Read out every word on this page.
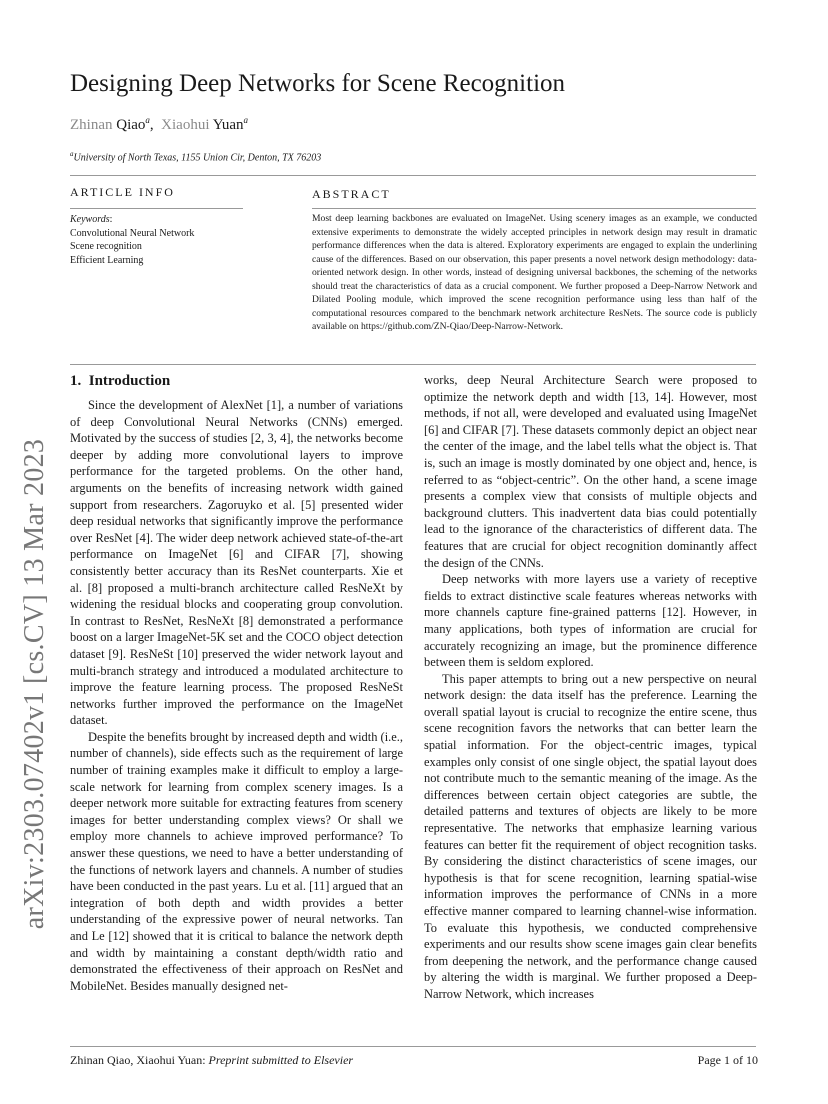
arXiv:2303.07402v1 [cs.CV] 13 Mar 2023
Designing Deep Networks for Scene Recognition
Zhinan Qiao$^a$, Xiaohui Yuan$^a$
$^a$University of North Texas, 1155 Union Cir, Denton, TX 76203
ARTICLE INFO	ABSTRACT
Keywords:
Convolutional Neural Network
Scene recognition
Efficient Learning
Most deep learning backbones are evaluated on ImageNet. Using scenery images as an example, we conducted extensive experiments to demonstrate the widely accepted principles in network design may result in dramatic performance differences when the data is altered. Exploratory experiments are engaged to explain the underlining cause of the differences. Based on our observation, this paper presents a novel network design methodology: data-oriented network design. In other words, instead of designing universal backbones, the scheming of the networks should treat the characteristics of data as a crucial component. We further proposed a Deep-Narrow Network and Dilated Pooling module, which improved the scene recognition performance using less than half of the computational resources compared to the benchmark network architecture ResNets. The source code is publicly available on https://github.com/ZN-Qiao/Deep-Narrow-Network.
1. Introduction

Since the development of AlexNet [1], a number of variations of deep Convolutional Neural Networks (CNNs) emerged. Motivated by the success of studies [2, 3, 4], the networks become deeper by adding more convolutional layers to improve performance for the targeted problems. On the other hand, arguments on the benefits of increasing network width gained support from researchers. Zagoruyko et al. [5] presented wider deep residual networks that significantly improve the performance over ResNet [4]. The wider deep network achieved state-of-the-art performance on ImageNet [6] and CIFAR [7], showing consistently better accuracy than its ResNet counterparts. Xie et al. [8] proposed a multi-branch architecture called ResNeXt by widening the residual blocks and cooperating group convolution. In contrast to ResNet, ResNeXt [8] demonstrated a performance boost on a larger ImageNet-5K set and the COCO object detection dataset [9]. ResNeSt [10] preserved the wider network layout and multi-branch strategy and introduced a modulated architecture to improve the feature learning process. The proposed ResNeSt networks further improved the performance on the ImageNet dataset.

Despite the benefits brought by increased depth and width (i.e., number of channels), side effects such as the requirement of large number of training examples make it difficult to employ a large-scale network for learning from complex scenery images. Is a deeper network more suitable for extracting features from scenery images for better understanding complex views? Or shall we employ more channels to achieve improved performance? To answer these questions, we need to have a better understanding of the functions of network layers and channels. A number of studies have been conducted in the past years. Lu et al. [11] argued that an integration of both depth and width provides a better understanding of the expressive power of neural networks. Tan and Le [12] showed that it is critical to balance the network depth and width by maintaining a constant depth/width ratio and demonstrated the effectiveness of their approach on ResNet and MobileNet. Besides manually designed net-

works, deep Neural Architecture Search were proposed to optimize the network depth and width [13, 14]. However, most methods, if not all, were developed and evaluated using ImageNet [6] and CIFAR [7]. These datasets commonly depict an object near the center of the image, and the label tells what the object is. That is, such an image is mostly dominated by one object and, hence, is referred to as “object-centric”. On the other hand, a scene image presents a complex view that consists of multiple objects and background clutters. This inadvertent data bias could potentially lead to the ignorance of the characteristics of different data. The features that are crucial for object recognition dominantly affect the design of the CNNs.

Deep networks with more layers use a variety of receptive fields to extract distinctive scale features whereas networks with more channels capture fine-grained patterns [12]. However, in many applications, both types of information are crucial for accurately recognizing an image, but the prominence difference between them is seldom explored.

This paper attempts to bring out a new perspective on neural network design: the data itself has the preference. Learning the overall spatial layout is crucial to recognize the entire scene, thus scene recognition favors the networks that can better learn the spatial information. For the object-centric images, typical examples only consist of one single object, the spatial layout does not contribute much to the semantic meaning of the image. As the differences between certain object categories are subtle, the detailed patterns and textures of objects are likely to be more representative. The networks that emphasize learning various features can better fit the requirement of object recognition tasks. By considering the distinct characteristics of scene images, our hypothesis is that for scene recognition, learning spatial-wise information improves the performance of CNNs in a more effective manner compared to learning channel-wise information. To evaluate this hypothesis, we conducted comprehensive experiments and our results show scene images gain clear benefits from deepening the network, and the performance change caused by altering the width is marginal. We further proposed a Deep-Narrow Network, which increases

Zhinan Qiao, Xiaohui Yuan: Preprint submitted to Elsevier	Page 1 of 10
